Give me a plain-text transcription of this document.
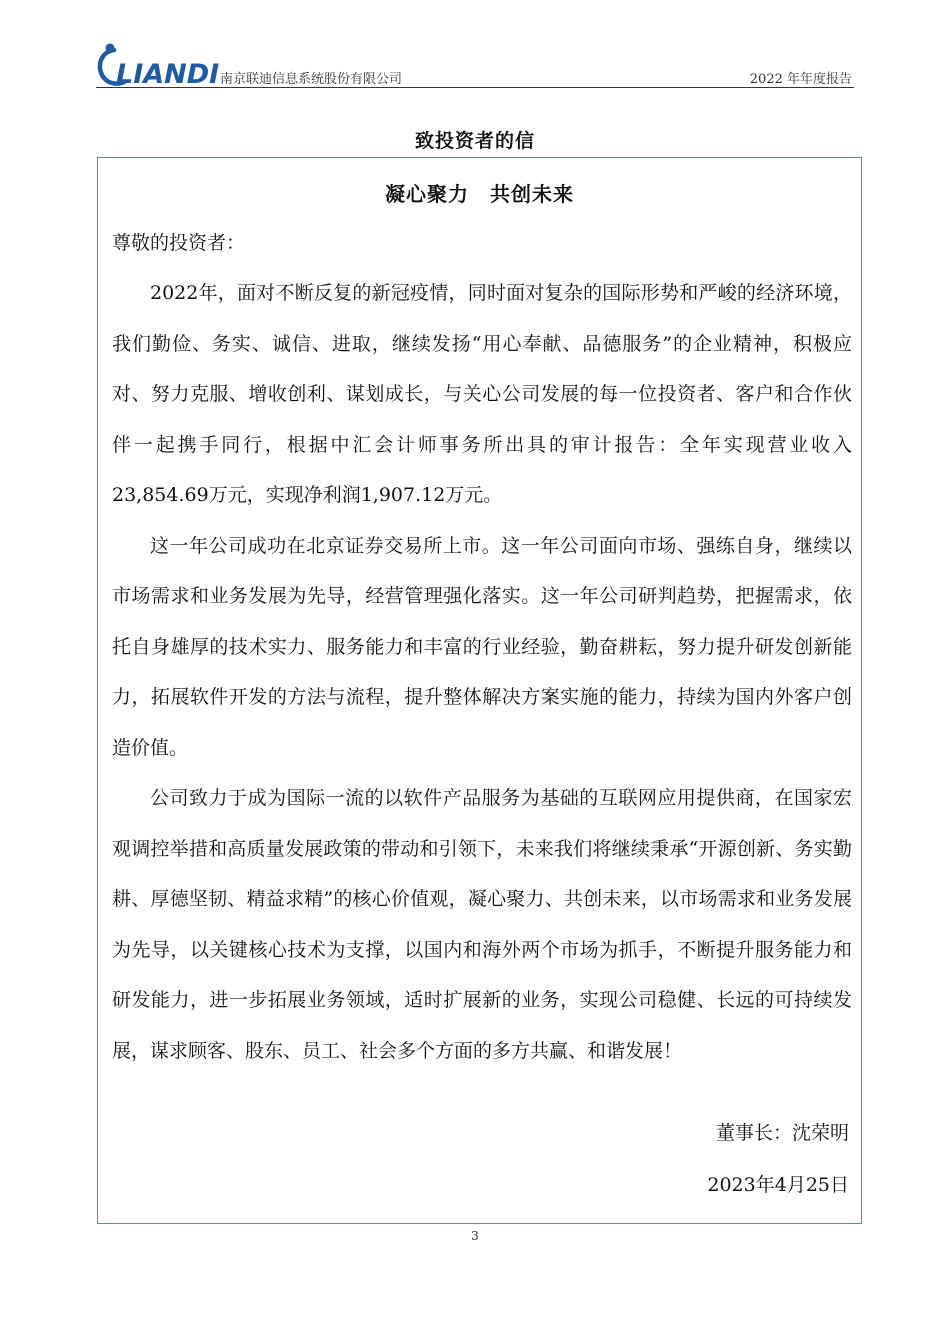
LIANDI 南京联迪信息系统股份有限公司	2022 年年度报告
致投资者的信
凝心聚力　共创未来
尊敬的投资者：

2022年，面对不断反复的新冠疫情，同时面对复杂的国际形势和严峻的经济环境，我们勤俭、务实、诚信、进取，继续发扬“用心奉献、品德服务”的企业精神，积极应对、努力克服、增收创利、谋划成长，与关心公司发展的每一位投资者、客户和合作伙伴一起携手同行，根据中汇会计师事务所出具的审计报告：全年实现营业收入23,854.69万元，实现净利润1,907.12万元。

这一年公司成功在北京证券交易所上市。这一年公司面向市场、强练自身，继续以市场需求和业务发展为先导，经营管理强化落实。这一年公司研判趋势，把握需求，依托自身雄厚的技术实力、服务能力和丰富的行业经验，勤奋耕耘，努力提升研发创新能力，拓展软件开发的方法与流程，提升整体解决方案实施的能力，持续为国内外客户创造价值。

公司致力于成为国际一流的以软件产品服务为基础的互联网应用提供商，在国家宏观调控举措和高质量发展政策的带动和引领下，未来我们将继续秉承“开源创新、务实勤耕、厚德坚韧、精益求精”的核心价值观，凝心聚力、共创未来，以市场需求和业务发展为先导，以关键核心技术为支撑，以国内和海外两个市场为抓手，不断提升服务能力和研发能力，进一步拓展业务领域，适时扩展新的业务，实现公司稳健、长远的可持续发展，谋求顾客、股东、员工、社会多个方面的多方共赢、和谐发展！

董事长：沈荣明
2023年4月25日
3
